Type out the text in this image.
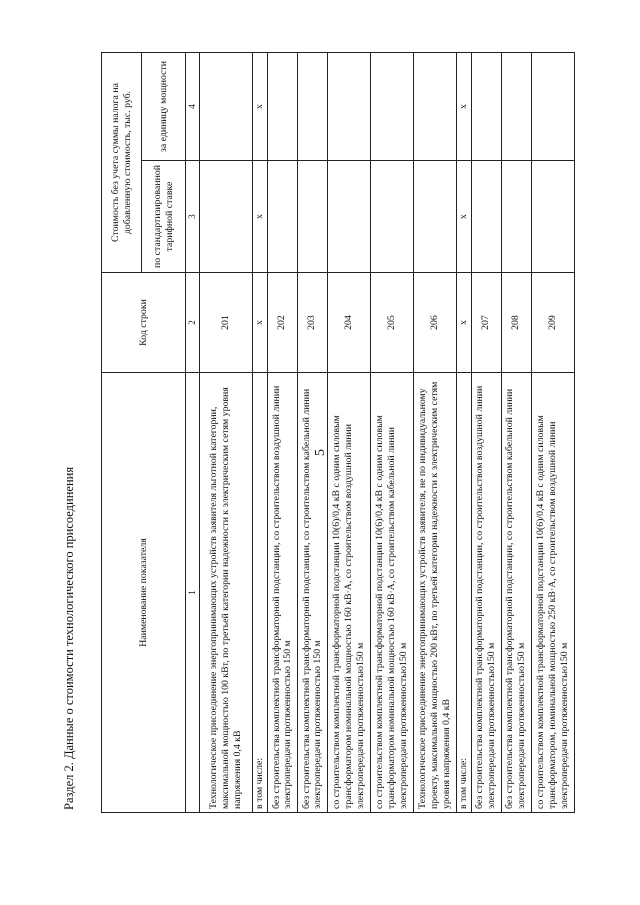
Раздел 2. Данные о стоимости технологического присоединения
5
Наименование показателя	Код строки	Стоимость без учета суммы налога на добавленную стоимость, тыс. руб.	
		по стандартизированной тарифной ставке	за единицу мощности
1	2	3	4
Технологическое присоединение энергопринимающих устройств заявителя льготной категории, максимальной мощностью 100 кВт, по третьей категории надежности к электрическим сетям уровня напряжения 0,4 кВ	201		
в том числе:	x	x	x
без строительства комплектной трансформаторной подстанции, со строительством воздушной линии электропередачи протяженностью 150 м	202		
без строительства комплектной трансформаторной подстанции, со строительством кабельной линии электропередачи протяженностью 150 м	203		
со строительством комплектной трансформаторной подстанции 10(6)/0,4 кВ с одним силовым трансформатором номинальной мощностью 160 кВ·А, со строительством воздушной линии электропередачи протяженностью150 м	204		
со строительством комплектной трансформаторной подстанции 10(6)/0,4 кВ с одним силовым трансформатором номинальной мощностью 160 кВ·А, со строительством кабельной линии электропередачи протяженностью150 м	205		
Технологическое присоединение энергопринимающих устройств заявителя, не по индивидуальному проекту, максимальной мощностью 200 кВт, по третьей категории надежности к электрическим сетям уровня напряжения 0,4 кВ	206		
в том числе:	x	x	x
без строительства комплектной трансформаторной подстанции, со строительством воздушной линии электропередачи протяженностью150 м	207		
без строительства комплектной трансформаторной подстанции, со строительством кабельной линии электропередачи протяженностью150 м	208		
со строительством комплектной трансформаторной подстанции 10(6)/0,4 кВ с одним силовым трансформатором, номинальной мощностью 250 кВ·А, со строительством воздушной линии электропередачи протяженностью150 м	209		
